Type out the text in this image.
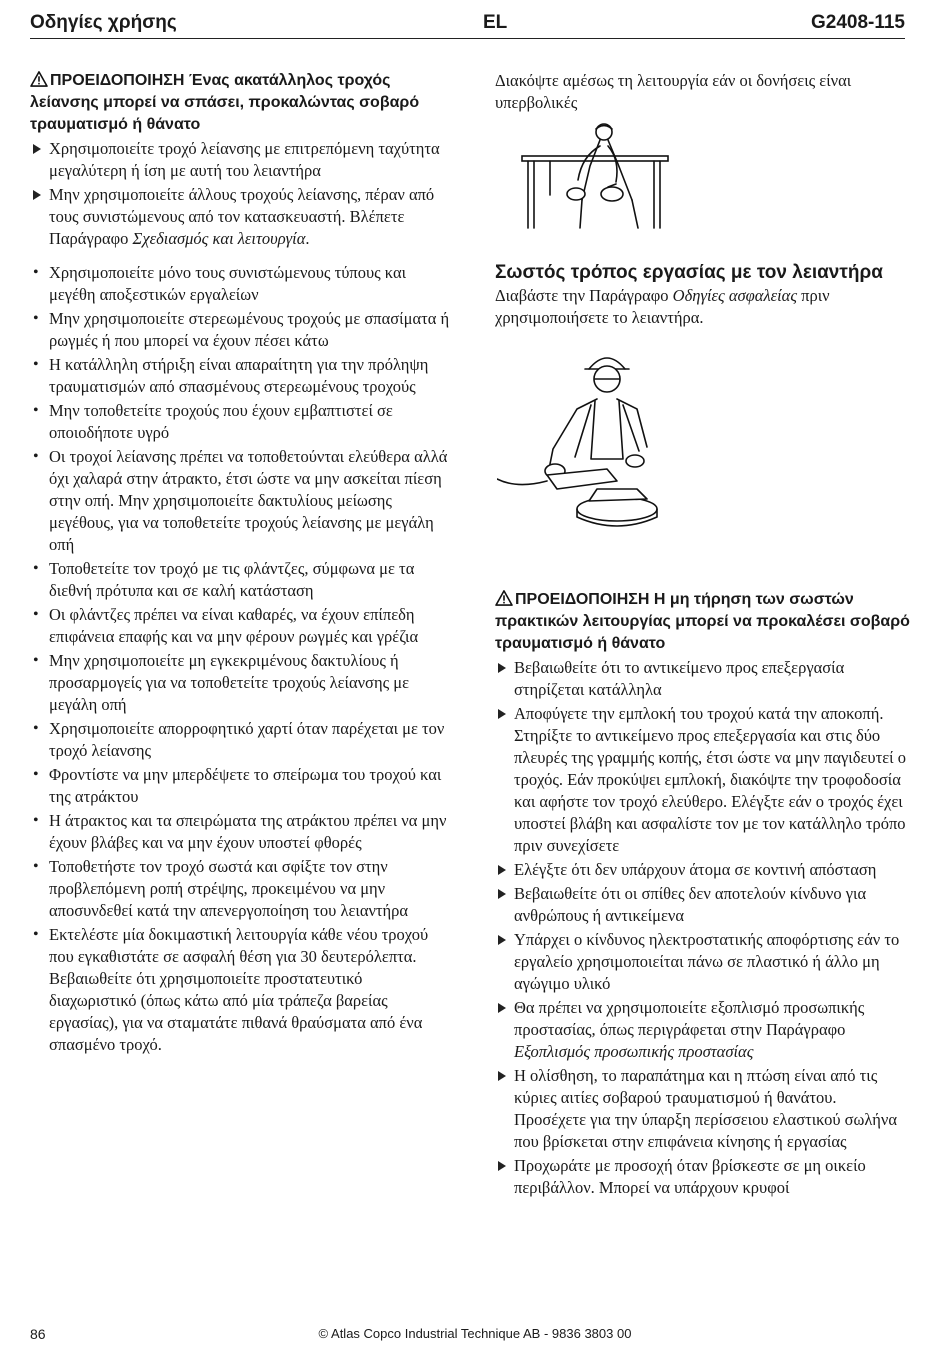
Οδηγίες χρήσης	EL	G2408-115
ΠΡΟΕΙΔΟΠΟΙΗΣΗ Ένας ακατάλληλος τροχός λείανσης μπορεί να σπάσει, προκαλώντας σοβαρό τραυματισμό ή θάνατο
Χρησιμοποιείτε τροχό λείανσης με επιτρεπόμενη ταχύτητα μεγαλύτερη ή ίση με αυτή του λειαντήρα
Μην χρησιμοποιείτε άλλους τροχούς λείανσης, πέραν από τους συνιστώμενους από τον κατασκευαστή. Βλέπετε Παράγραφο Σχεδιασμός και λειτουργία.
• Χρησιμοποιείτε μόνο τους συνιστώμενους τύπους και μεγέθη αποξεστικών εργαλείων
• Μην χρησιμοποιείτε στερεωμένους τροχούς με σπασίματα ή ρωγμές ή που μπορεί να έχουν πέσει κάτω
• Η κατάλληλη στήριξη είναι απαραίτητη για την πρόληψη τραυματισμών από σπασμένους στερεωμένους τροχούς
• Μην τοποθετείτε τροχούς που έχουν εμβαπτιστεί σε οποιοδήποτε υγρό
• Οι τροχοί λείανσης πρέπει να τοποθετούνται ελεύθερα αλλά όχι χαλαρά στην άτρακτο, έτσι ώστε να μην ασκείται πίεση στην οπή. Μην χρησιμοποιείτε δακτυλίους μείωσης μεγέθους, για να τοποθετείτε τροχούς λείανσης με μεγάλη οπή
• Τοποθετείτε τον τροχό με τις φλάντζες, σύμφωνα με τα διεθνή πρότυπα και σε καλή κατάσταση
• Οι φλάντζες πρέπει να είναι καθαρές, να έχουν επίπεδη επιφάνεια επαφής και να μην φέρουν ρωγμές και γρέζια
• Μην χρησιμοποιείτε μη εγκεκριμένους δακτυλίους ή προσαρμογείς για να τοποθετείτε τροχούς λείανσης με μεγάλη οπή
• Χρησιμοποιείτε απορροφητικό χαρτί όταν παρέχεται με τον τροχό λείανσης
• Φροντίστε να μην μπερδέψετε το σπείρωμα του τροχού και της ατράκτου
• Η άτρακτος και τα σπειρώματα της ατράκτου πρέπει να μην έχουν βλάβες και να μην έχουν υποστεί φθορές
• Τοποθετήστε τον τροχό σωστά και σφίξτε τον στην προβλεπόμενη ροπή στρέψης, προκειμένου να μην αποσυνδεθεί κατά την απενεργοποίηση του λειαντήρα
• Εκτελέστε μία δοκιμαστική λειτουργία κάθε νέου τροχού που εγκαθιστάτε σε ασφαλή θέση για 30 δευτερόλεπτα. Βεβαιωθείτε ότι χρησιμοποιείτε προστατευτικό διαχωριστικό (όπως κάτω από μία τράπεζα βαρείας εργασίας), για να σταματάτε πιθανά θραύσματα από ένα σπασμένο τροχό.

Διακόψτε αμέσως τη λειτουργία εάν οι δονήσεις είναι υπερβολικές

Σωστός τρόπος εργασίας με τον λειαντήρα

Διαβάστε την Παράγραφο Οδηγίες ασφαλείας πριν χρησιμοποιήσετε το λειαντήρα.

ΠΡΟΕΙΔΟΠΟΙΗΣΗ Η μη τήρηση των σωστών πρακτικών λειτουργίας μπορεί να προκαλέσει σοβαρό τραυματισμό ή θάνατο
Βεβαιωθείτε ότι το αντικείμενο προς επεξεργασία στηρίζεται κατάλληλα
Αποφύγετε την εμπλοκή του τροχού κατά την αποκοπή. Στηρίξτε το αντικείμενο προς επεξεργασία και στις δύο πλευρές της γραμμής κοπής, έτσι ώστε να μην παγιδευτεί ο τροχός. Εάν προκύψει εμπλοκή, διακόψτε την τροφοδοσία και αφήστε τον τροχό ελεύθερο. Ελέγξτε εάν ο τροχός έχει υποστεί βλάβη και ασφαλίστε τον με τον κατάλληλο τρόπο πριν συνεχίσετε
Ελέγξτε ότι δεν υπάρχουν άτομα σε κοντινή απόσταση
Βεβαιωθείτε ότι οι σπίθες δεν αποτελούν κίνδυνο για ανθρώπους ή αντικείμενα
Υπάρχει ο κίνδυνος ηλεκτροστατικής αποφόρτισης εάν το εργαλείο χρησιμοποιείται πάνω σε πλαστικό ή άλλο μη αγώγιμο υλικό
Θα πρέπει να χρησιμοποιείτε εξοπλισμό προσωπικής προστασίας, όπως περιγράφεται στην Παράγραφο Εξοπλισμός προσωπικής προστασίας
Η ολίσθηση, το παραπάτημα και η πτώση είναι από τις κύριες αιτίες σοβαρού τραυματισμού ή θανάτου. Προσέχετε για την ύπαρξη περίσσειου ελαστικού σωλήνα που βρίσκεται στην επιφάνεια κίνησης ή εργασίας
Προχωράτε με προσοχή όταν βρίσκεστε σε μη οικείο περιβάλλον. Μπορεί να υπάρχουν κρυφοί
86	© Atlas Copco Industrial Technique AB - 9836 3803 00
